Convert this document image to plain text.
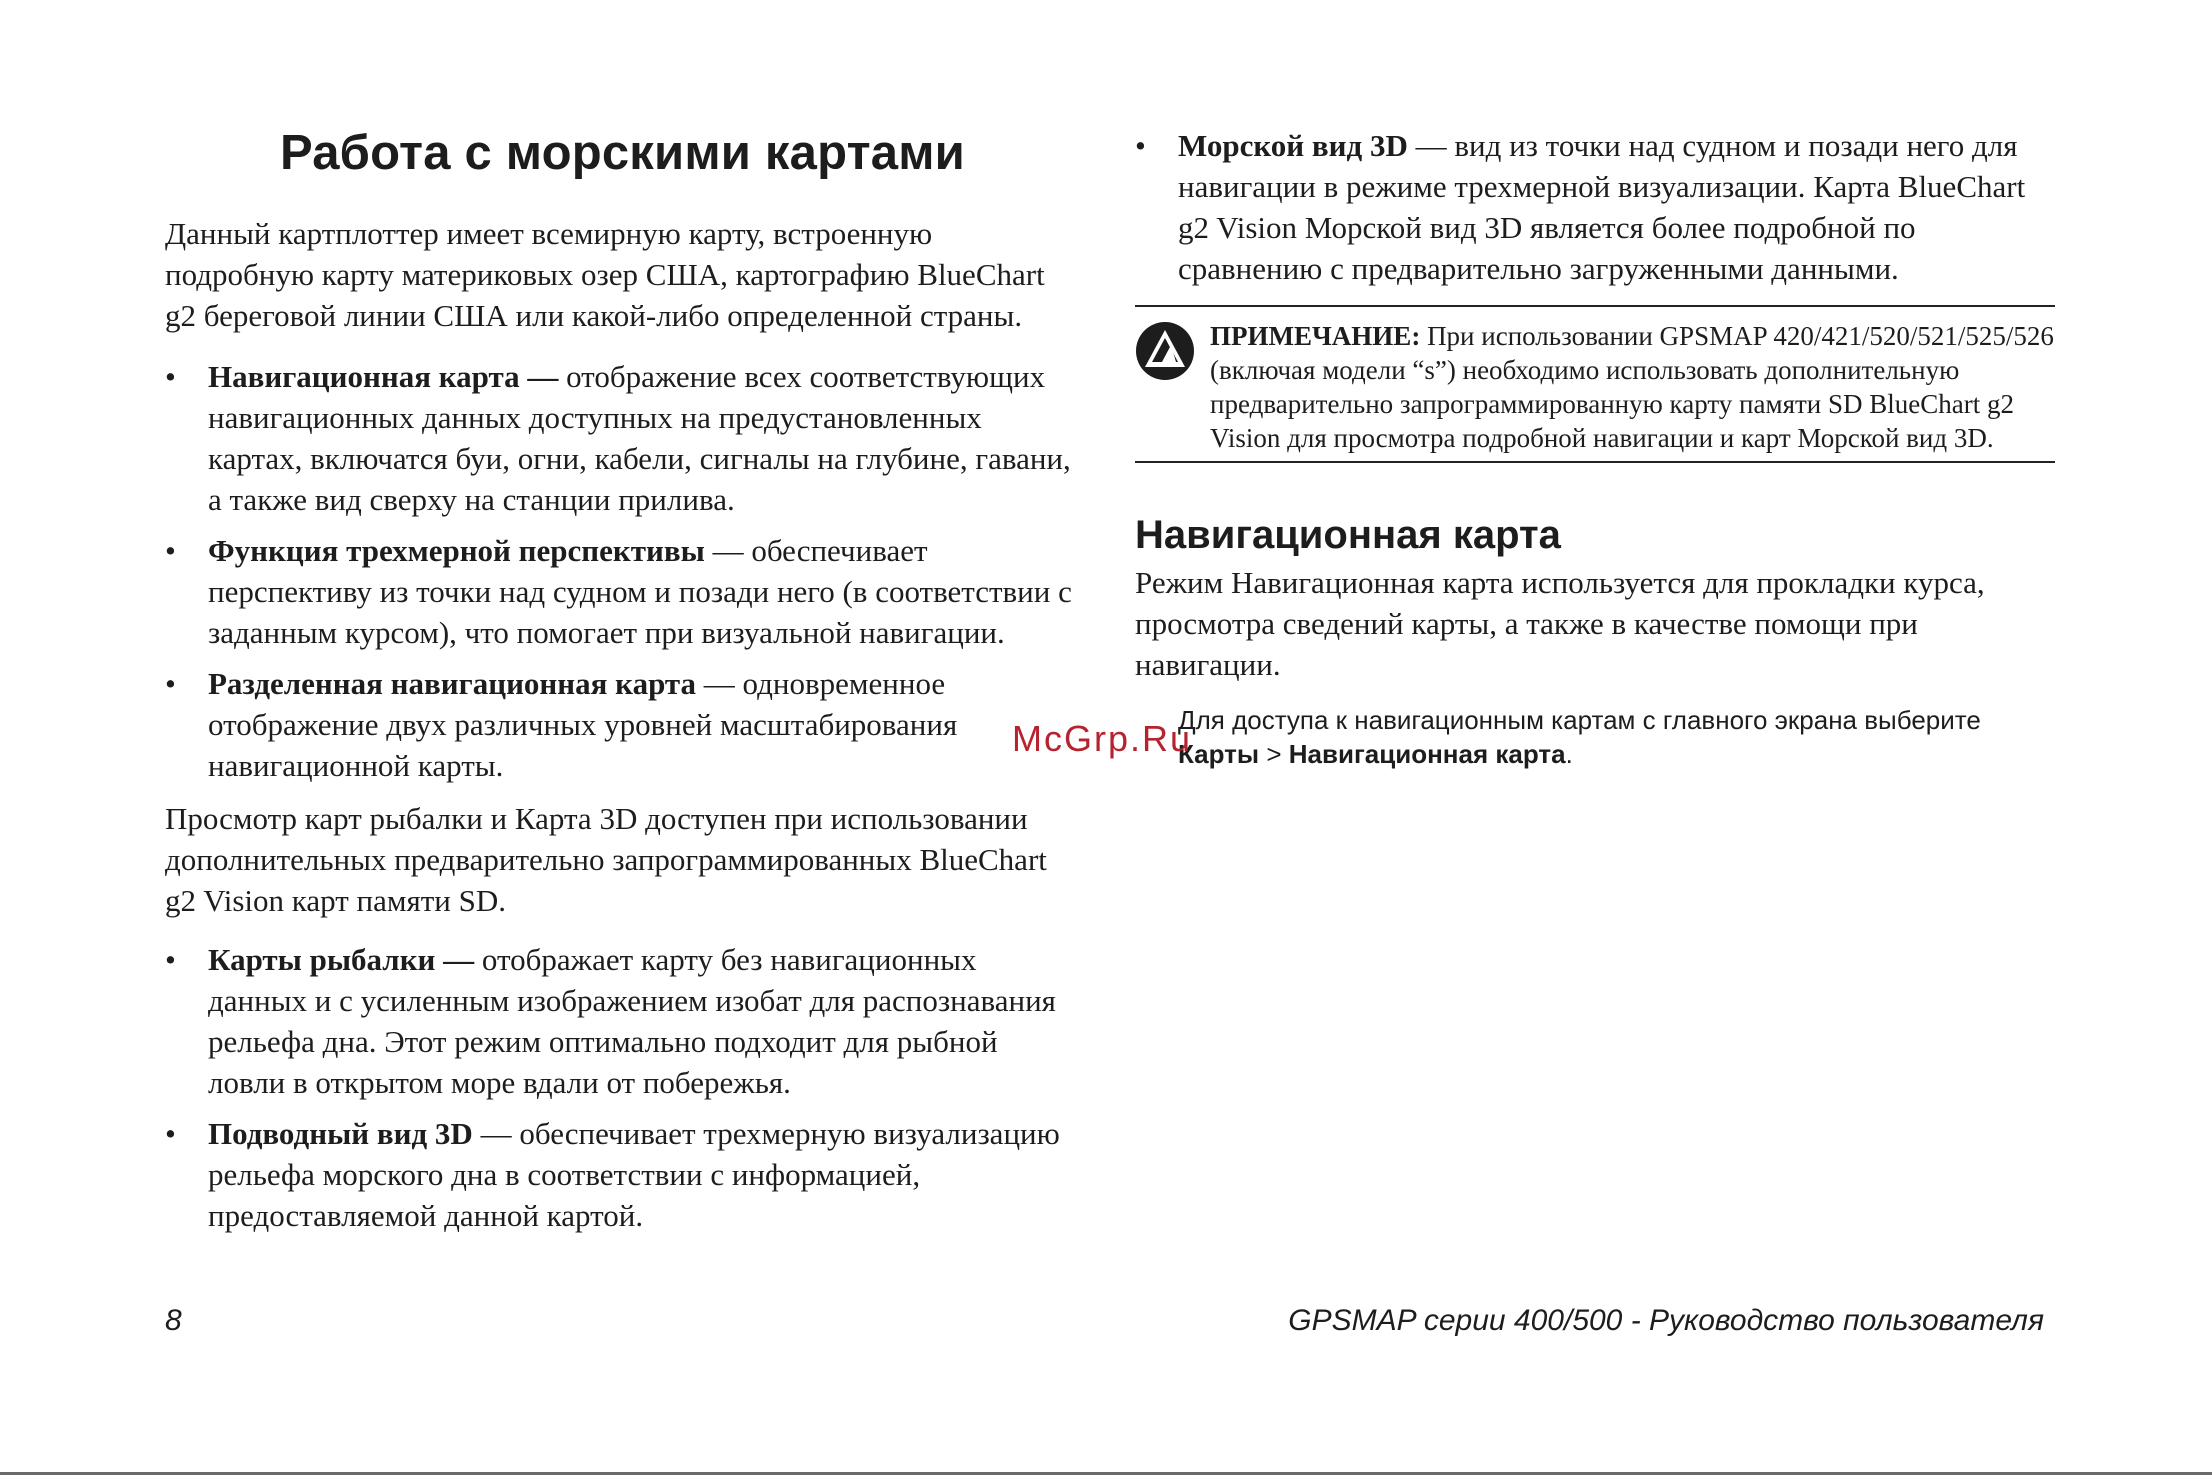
Работа с морскими картами

Данный картплоттер имеет всемирную карту, встроенную подробную карту материковых озер США, картографию BlueChart g2 береговой линии США или какой-либо определенной страны.

• Навигационная карта — отображение всех соответствующих навигационных данных доступных на предустановленных картах, включатся буи, огни, кабели, сигналы на глубине, гавани, а также вид сверху на станции прилива.
• Функция трехмерной перспективы — обеспечивает перспективу из точки над судном и позади него (в соответствии с заданным курсом), что помогает при визуальной навигации.
• Разделенная навигационная карта — одновременное отображение двух различных уровней масштабирования навигационной карты.

Просмотр карт рыбалки и Карта 3D доступен при использовании дополнительных предварительно запрограммированных BlueChart g2 Vision карт памяти SD.

• Карты рыбалки — отображает карту без навигационных данных и с усиленным изображением изобат для распознавания рельефа дна. Этот режим оптимально подходит для рыбной ловли в открытом море вдали от побережья.
• Подводный вид 3D — обеспечивает трехмерную визуализацию рельефа морского дна в соответствии с информацией, предоставляемой данной картой.
• Морской вид 3D — вид из точки над судном и позади него для навигации в режиме трехмерной визуализации. Карта BlueChart g2 Vision Морской вид 3D является более подробной по сравнению с предварительно загруженными данными.
ПРИМЕЧАНИЕ: При использовании GPSMAP 420/421/520/521/525/526 (включая модели “s”) необходимо использовать дополнительную предварительно запрограммированную карту памяти SD BlueChart g2 Vision для просмотра подробной навигации и карт Морской вид 3D.
Навигационная карта

Режим Навигационная карта используется для прокладки курса, просмотра сведений карты, а также в качестве помощи при навигации.

Для доступа к навигационным картам с главного экрана выберите Карты > Навигационная карта.
McGrp.Ru
8	GPSMAP серии 400/500 - Руководство пользователя
